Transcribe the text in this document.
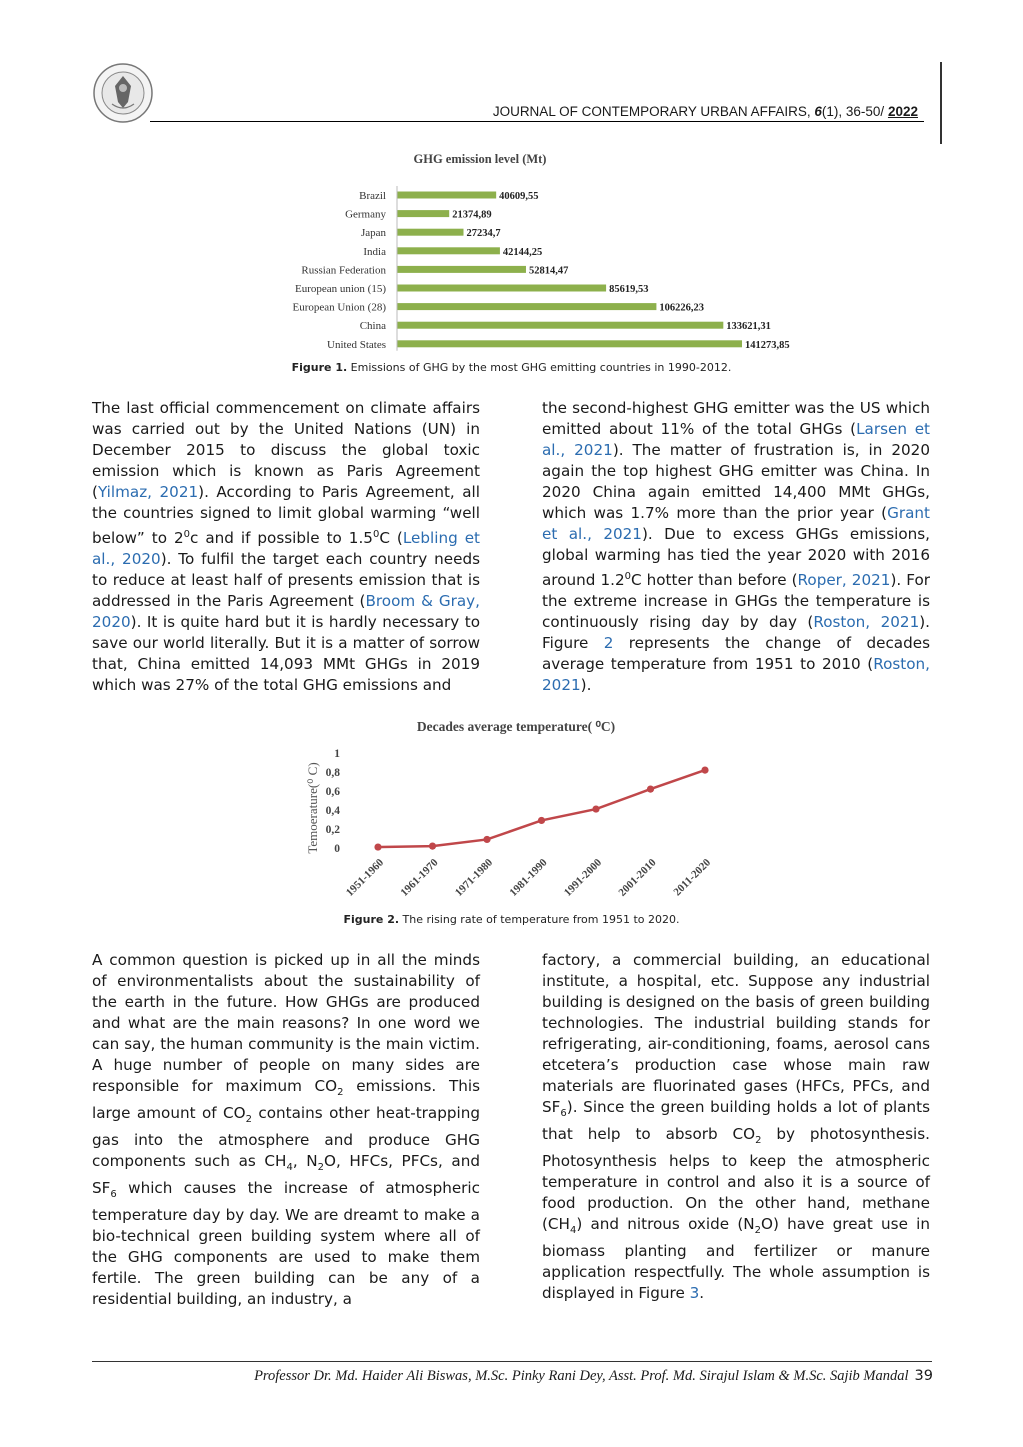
JOURNAL OF CONTEMPORARY URBAN AFFAIRS, 6(1), 36-50/ 2022
GHG emission level (Mt)
Brazil	40609,55
Germany	21374,89
Japan	27234,7
India	42144,25
Russian Federation	52814,47
European union (15)	85619,53
European Union (28)	106226,23
China	133621,31
United States	141273,85
Figure 1. Emissions of GHG by the most GHG emitting countries in 1990-2012.

The last official commencement on climate affairs was carried out by the United Nations (UN) in December 2015 to discuss the global toxic emission which is known as Paris Agreement (Yilmaz, 2021). According to Paris Agreement, all the countries signed to limit global warming “well below” to $2^0c$ and if possible to $1.5^0C$ (Lebling et al., 2020). To fulfil the target each country needs to reduce at least half of presents emission that is addressed in the Paris Agreement (Broom & Gray, 2020). It is quite hard but it is hardly necessary to save our world literally. But it is a matter of sorrow that, China emitted 14,093 MMt GHGs in 2019 which was 27% of the total GHG emissions and

the second-highest GHG emitter was the US which emitted about 11% of the total GHGs (Larsen et al., 2021). The matter of frustration is, in 2020 again the top highest GHG emitter was China. In 2020 China again emitted 14,400 MMt GHGs, which was 1.7% more than the prior year (Grant et al., 2021). Due to excess GHGs emissions, global warming has tied the year 2020 with 2016 around $1.2^0C$ hotter than before (Roper, 2021). For the extreme increase in GHGs the temperature is continuously rising day by day (Roston, 2021). Figure 2 represents the change of decades average temperature from 1951 to 2010 (Roston, 2021).

Decades average temperature( ⁰C)
Temoerature(⁰ C) 0
0,2
0,4
0,6
0,8
1
1951-1960 1961-1970 1971-1980 1981-1990 1991-2000 2001-2010 2011-2020
Figure 2. The rising rate of temperature from 1951 to 2020.

A common question is picked up in all the minds of environmentalists about the sustainability of the earth in the future. How GHGs are produced and what are the main reasons? In one word we can say, the human community is the main victim. A huge number of people on many sides are responsible for maximum $CO_2$ emissions. This large amount of $CO_2$ contains other heat-trapping gas into the atmosphere and produce GHG components such as $CH_4$, $N_2O$, HFCs, PFCs, and $SF_6$ which causes the increase of atmospheric temperature day by day. We are dreamt to make a bio-technical green building system where all of the GHG components are used to make them fertile. The green building can be any of a residential building, an industry, a

factory, a commercial building, an educational institute, a hospital, etc. Suppose any industrial building is designed on the basis of green building technologies. The industrial building stands for refrigerating, air-conditioning, foams, aerosol cans etcetera’s production case whose main raw materials are fluorinated gases (HFCs, PFCs, and $SF_6$). Since the green building holds a lot of plants that help to absorb $CO_2$ by photosynthesis. Photosynthesis helps to keep the atmospheric temperature in control and also it is a source of food production. On the other hand, methane $(CH_4)$ and nitrous oxide $(N_2O)$ have great use in biomass planting and fertilizer or manure application respectfully. The whole assumption is displayed in Figure 3.

Professor Dr. Md. Haider Ali Biswas, M.Sc. Pinky Rani Dey, Asst. Prof. Md. Sirajul Islam & M.Sc. Sajib Mandal 39
